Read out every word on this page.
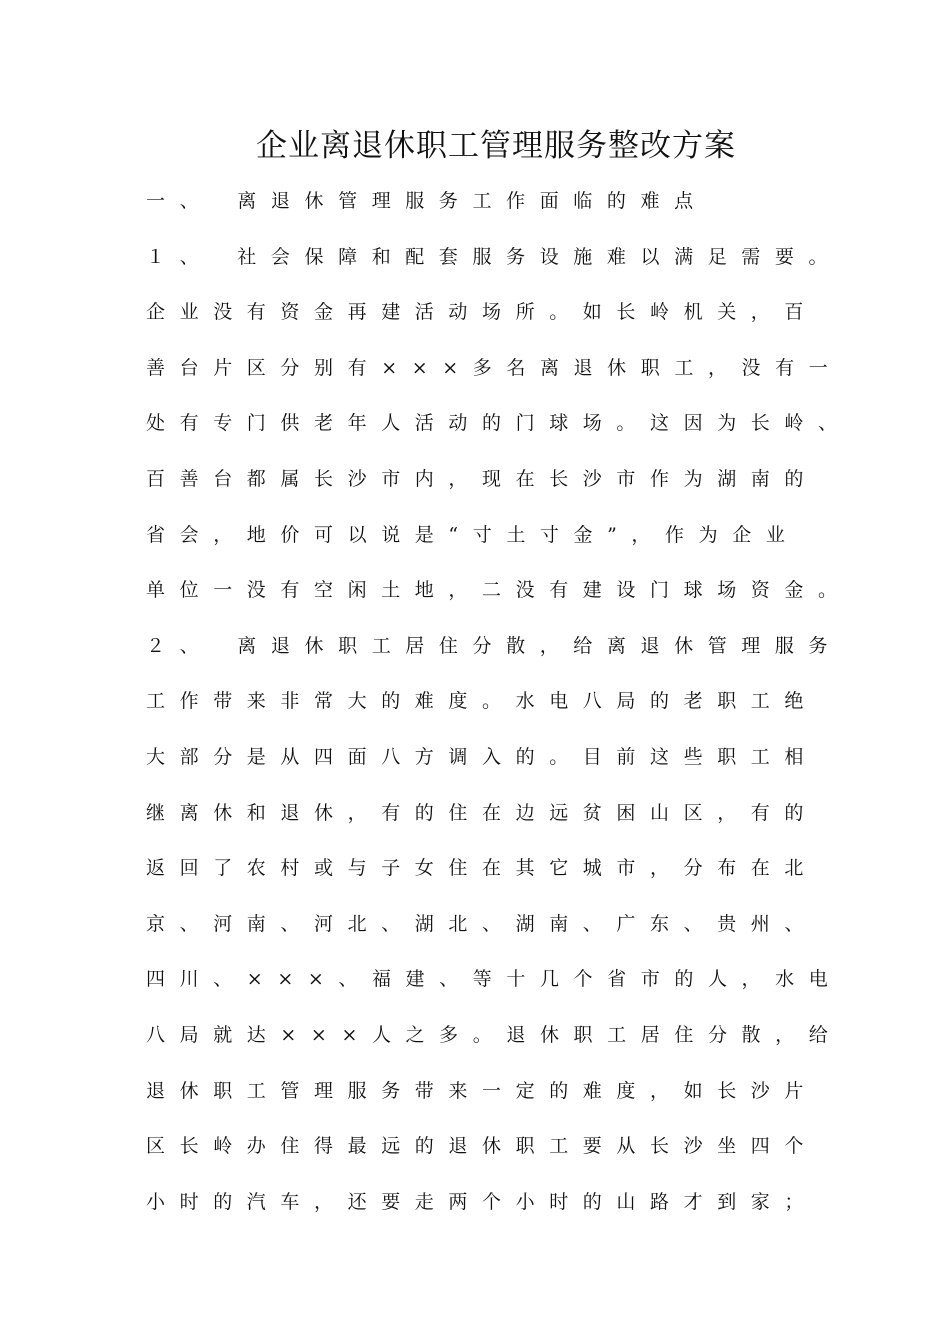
企业离退休职工管理服务整改方案
一、　离退休管理服务工作面临的难点
１、　社会保障和配套服务设施难以满足需要。
企业没有资金再建活动场所。如长岭机关，百
善台片区分别有×××多名离退休职工，没有一
处有专门供老年人活动的门球场。这因为长岭、
百善台都属长沙市内，现在长沙市作为湖南的
省会，地价可以说是“寸土寸金”，作为企业
单位一没有空闲土地，二没有建设门球场资金。
２、　离退休职工居住分散，给离退休管理服务
工作带来非常大的难度。水电八局的老职工绝
大部分是从四面八方调入的。目前这些职工相
继离休和退休，有的住在边远贫困山区，有的
返回了农村或与子女住在其它城市，分布在北
京、河南、河北、湖北、湖南、广东、贵州、
四川、×××、福建、等十几个省市的人，水电
八局就达×××人之多。退休职工居住分散，给
退休职工管理服务带来一定的难度，如长沙片
区长岭办住得最远的退休职工要从长沙坐四个
小时的汽车，还要走两个小时的山路才到家；
